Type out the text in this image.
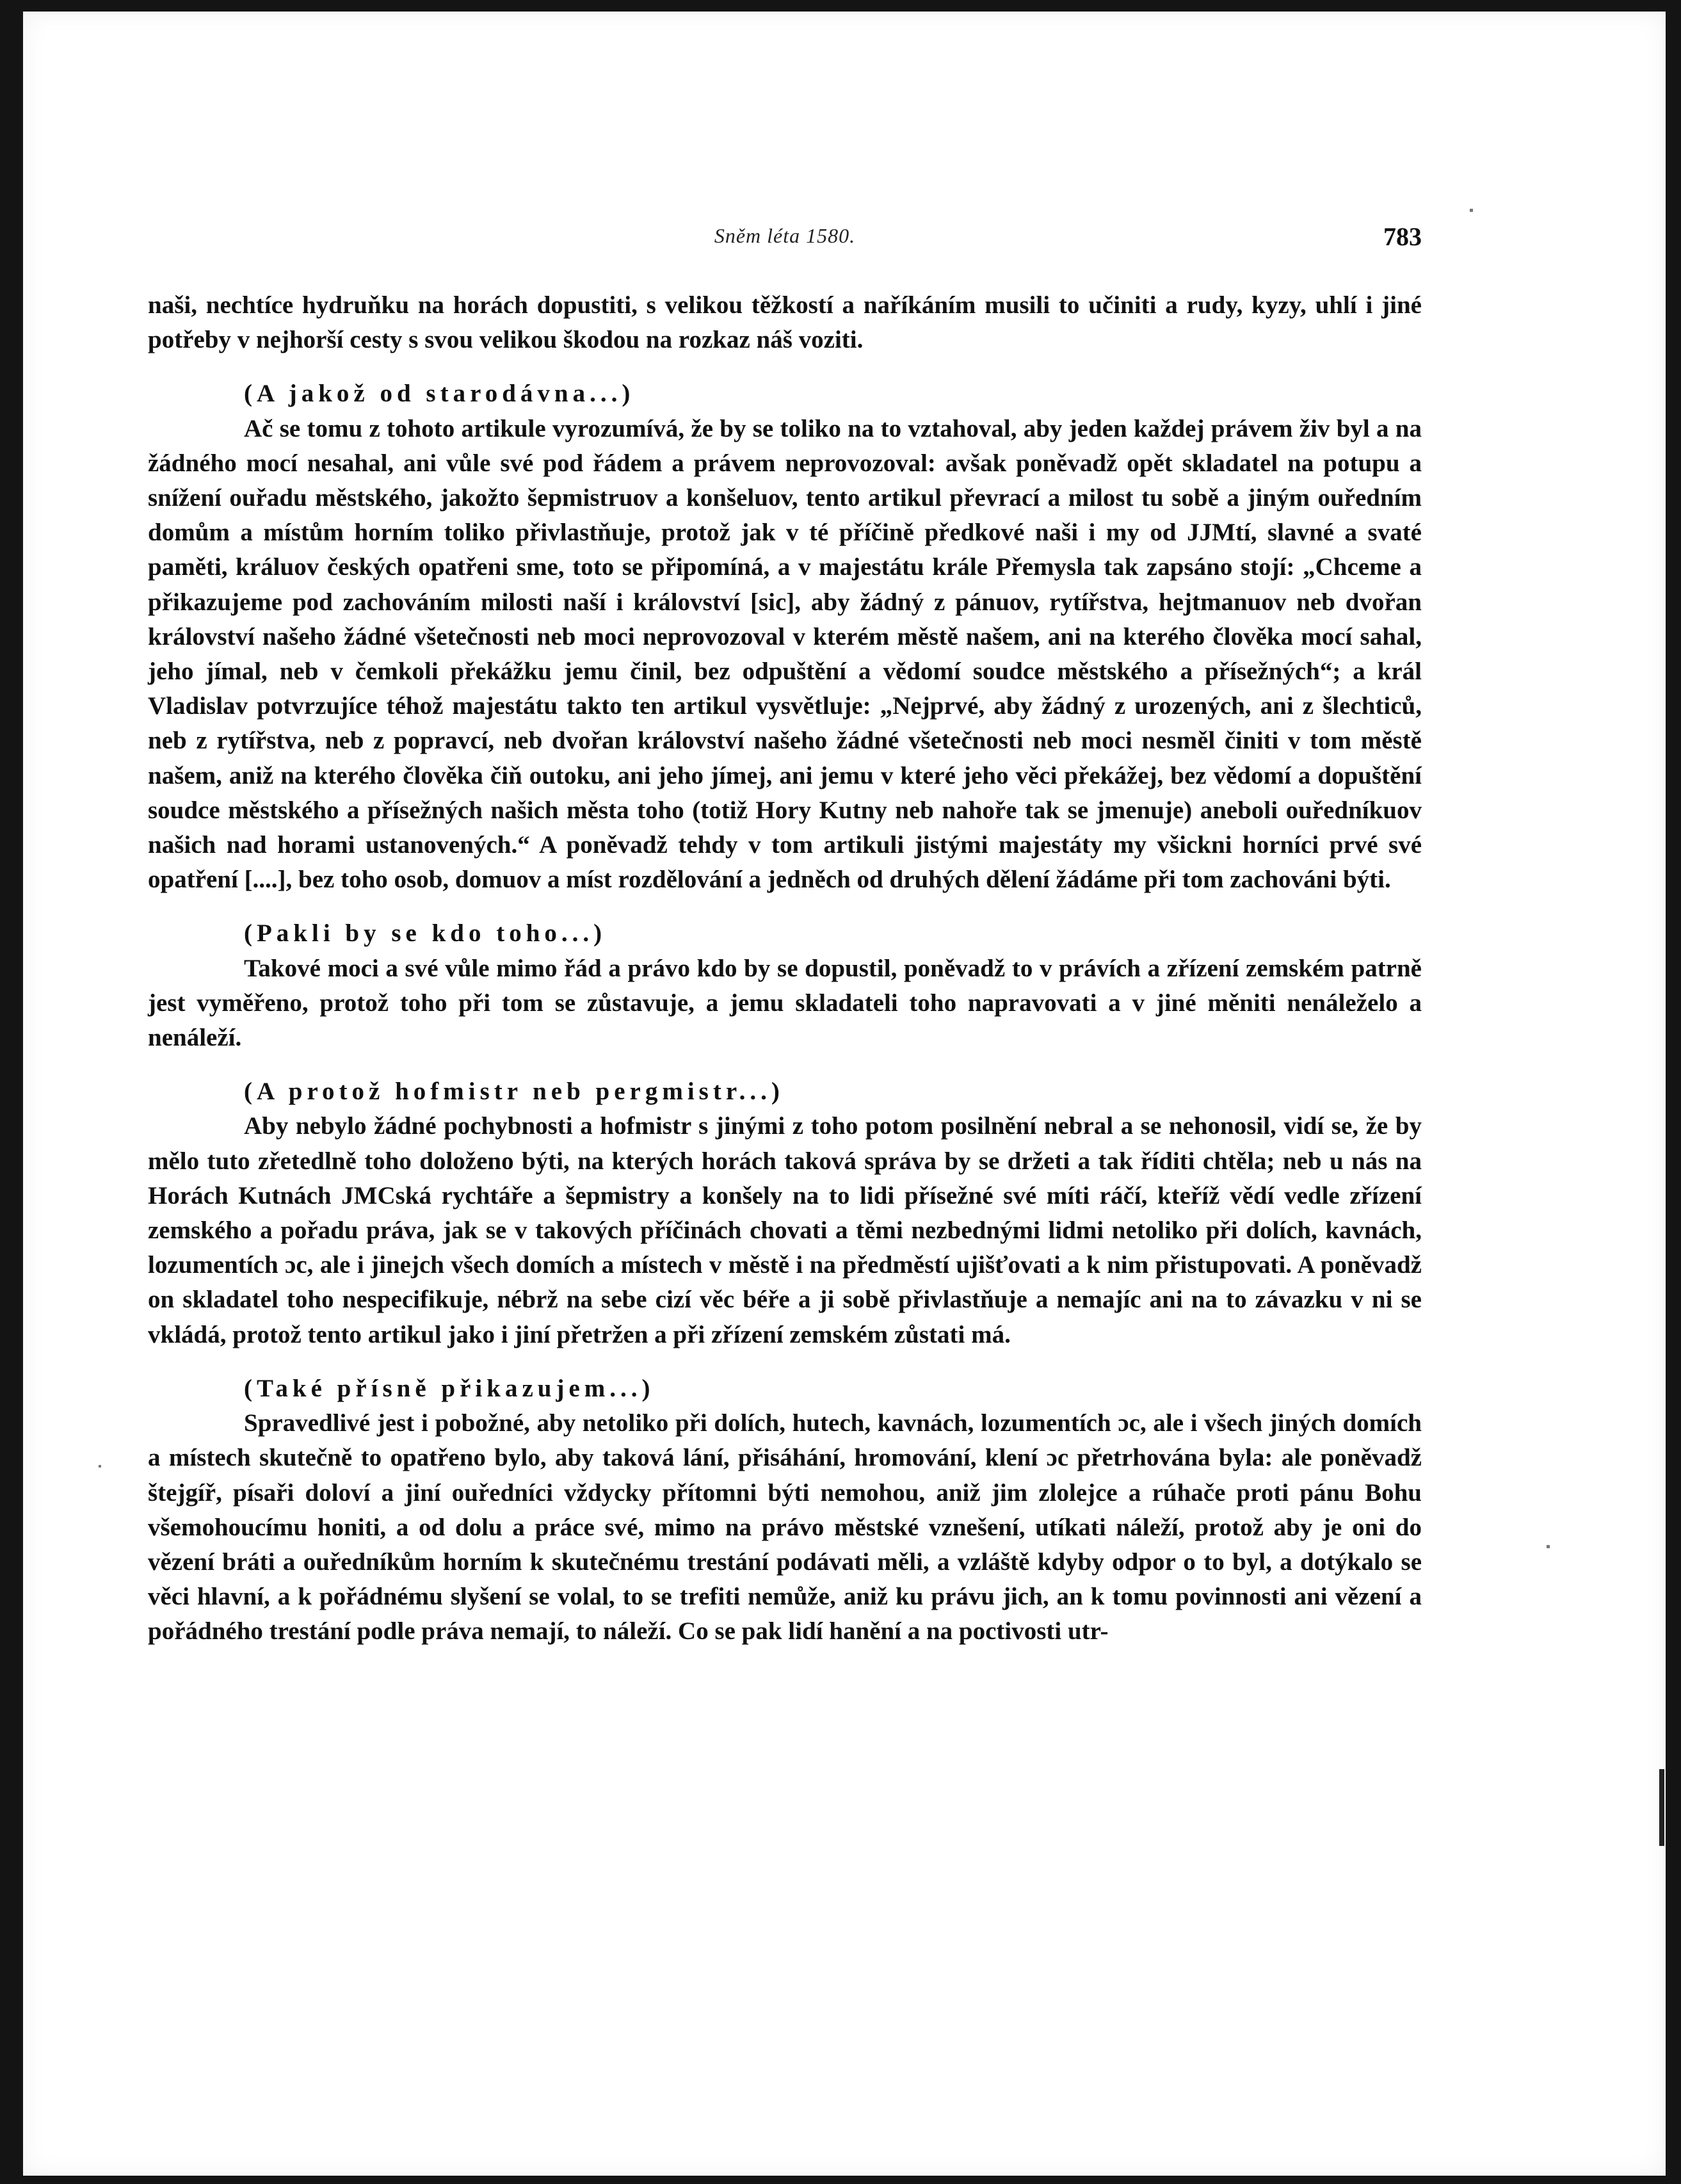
Sněm léta 1580.	783

naši, nechtíce hydruňku na horách dopustiti, s velikou těžkostí a naříkáním musili to učiniti a rudy, kyzy, uhlí i jiné potřeby v nejhorší cesty s svou velikou škodou na rozkaz náš voziti.

(A jakož od starodávna...)

Ač se tomu z tohoto artikule vyrozumívá, že by se toliko na to vztahoval, aby jeden každej právem živ byl a na žádného mocí nesahal, ani vůle své pod řádem a právem neprovozoval: avšak poněvadž opět skladatel na potupu a snížení ouřadu městského, jakožto šepmistruov a konšeluov, tento artikul převrací a milost tu sobě a jiným ouředním domům a místům horním toliko přivlastňuje, protož jak v té příčině předkové naši i my od JJMtí, slavné a svaté paměti, králuov českých opatřeni sme, toto se připomíná, a v majestátu krále Přemysla tak zapsáno stojí: „Chceme a přikazujeme pod zachováním milosti naší i království [sic], aby žádný z pánuov, rytířstva, hejtmanuov neb dvořan království našeho žádné všetečnosti neb moci neprovozoval v kterém městě našem, ani na kterého člověka mocí sahal, jeho jímal, neb v čemkoli překážku jemu činil, bez odpuštění a vědomí soudce městského a přísežných“; a král Vladislav potvrzujíce téhož majestátu takto ten artikul vysvětluje: „Nejprvé, aby žádný z urozených, ani z šlechticů, neb z rytířstva, neb z popravcí, neb dvořan království našeho žádné všetečnosti neb moci nesměl činiti v tom městě našem, aniž na kterého člověka čiň outoku, ani jeho jímej, ani jemu v které jeho věci překážej, bez vědomí a dopuštění soudce městského a přísežných našich města toho (totiž Hory Kutny neb nahoře tak se jmenuje) aneboli ouředníkuov našich nad horami ustanovených.“ A poněvadž tehdy v tom artikuli jistými majestáty my všickni horníci prvé své opatření [....], bez toho osob, domuov a míst rozdělování a jedněch od druhých dělení žádáme při tom zachováni býti.

(Pakli by se kdo toho...)

Takové moci a své vůle mimo řád a právo kdo by se dopustil, poněvadž to v právích a zřízení zemském patrně jest vyměřeno, protož toho při tom se zůstavuje, a jemu skladateli toho napravovati a v jiné měniti nenáleželo a nenáleží.

(A protož hofmistr neb pergmistr...)

Aby nebylo žádné pochybnosti a hofmistr s jinými z toho potom posilnění nebral a se nehonosil, vidí se, že by mělo tuto zřetedlně toho doloženo býti, na kterých horách taková správa by se držeti a tak říditi chtěla; neb u nás na Horách Kutnách JMCská rychtáře a šepmistry a konšely na to lidi přísežné své míti ráčí, kteříž vědí vedle zřízení zemského a pořadu práva, jak se v takových příčinách chovati a těmi nezbednými lidmi netoliko při dolích, kavnách, lozumentích ɔc, ale i jinejch všech domích a místech v městě i na předměstí ujišťovati a k nim přistupovati. A poněvadž on skladatel toho nespecifikuje, nébrž na sebe cizí věc béře a ji sobě přivlastňuje a nemajíc ani na to závazku v ni se vkládá, protož tento artikul jako i jiní přetržen a při zřízení zemském zůstati má.

(Také přísně přikazujem...)

Spravedlivé jest i pobožné, aby netoliko při dolích, hutech, kavnách, lozumentích ɔc, ale i všech jiných domích a místech skutečně to opatřeno bylo, aby taková lání, přisáhání, hromování, klení ɔc přetrhována byla: ale poněvadž štejgíř, písaři doloví a jiní ouředníci vždycky přítomni býti nemohou, aniž jim zlolejce a rúhače proti pánu Bohu všemohoucímu honiti, a od dolu a práce své, mimo na právo městské vznešení, utíkati náleží, protož aby je oni do vězení bráti a ouředníkům horním k skutečnému trestání podávati měli, a vzláště kdyby odpor o to byl, a dotýkalo se věci hlavní, a k pořádnému slyšení se volal, to se trefiti nemůže, aniž ku právu jich, an k tomu povinnosti ani vězení a pořádného trestání podle práva nemají, to náleží. Co se pak lidí hanění a na poctivosti utr-
